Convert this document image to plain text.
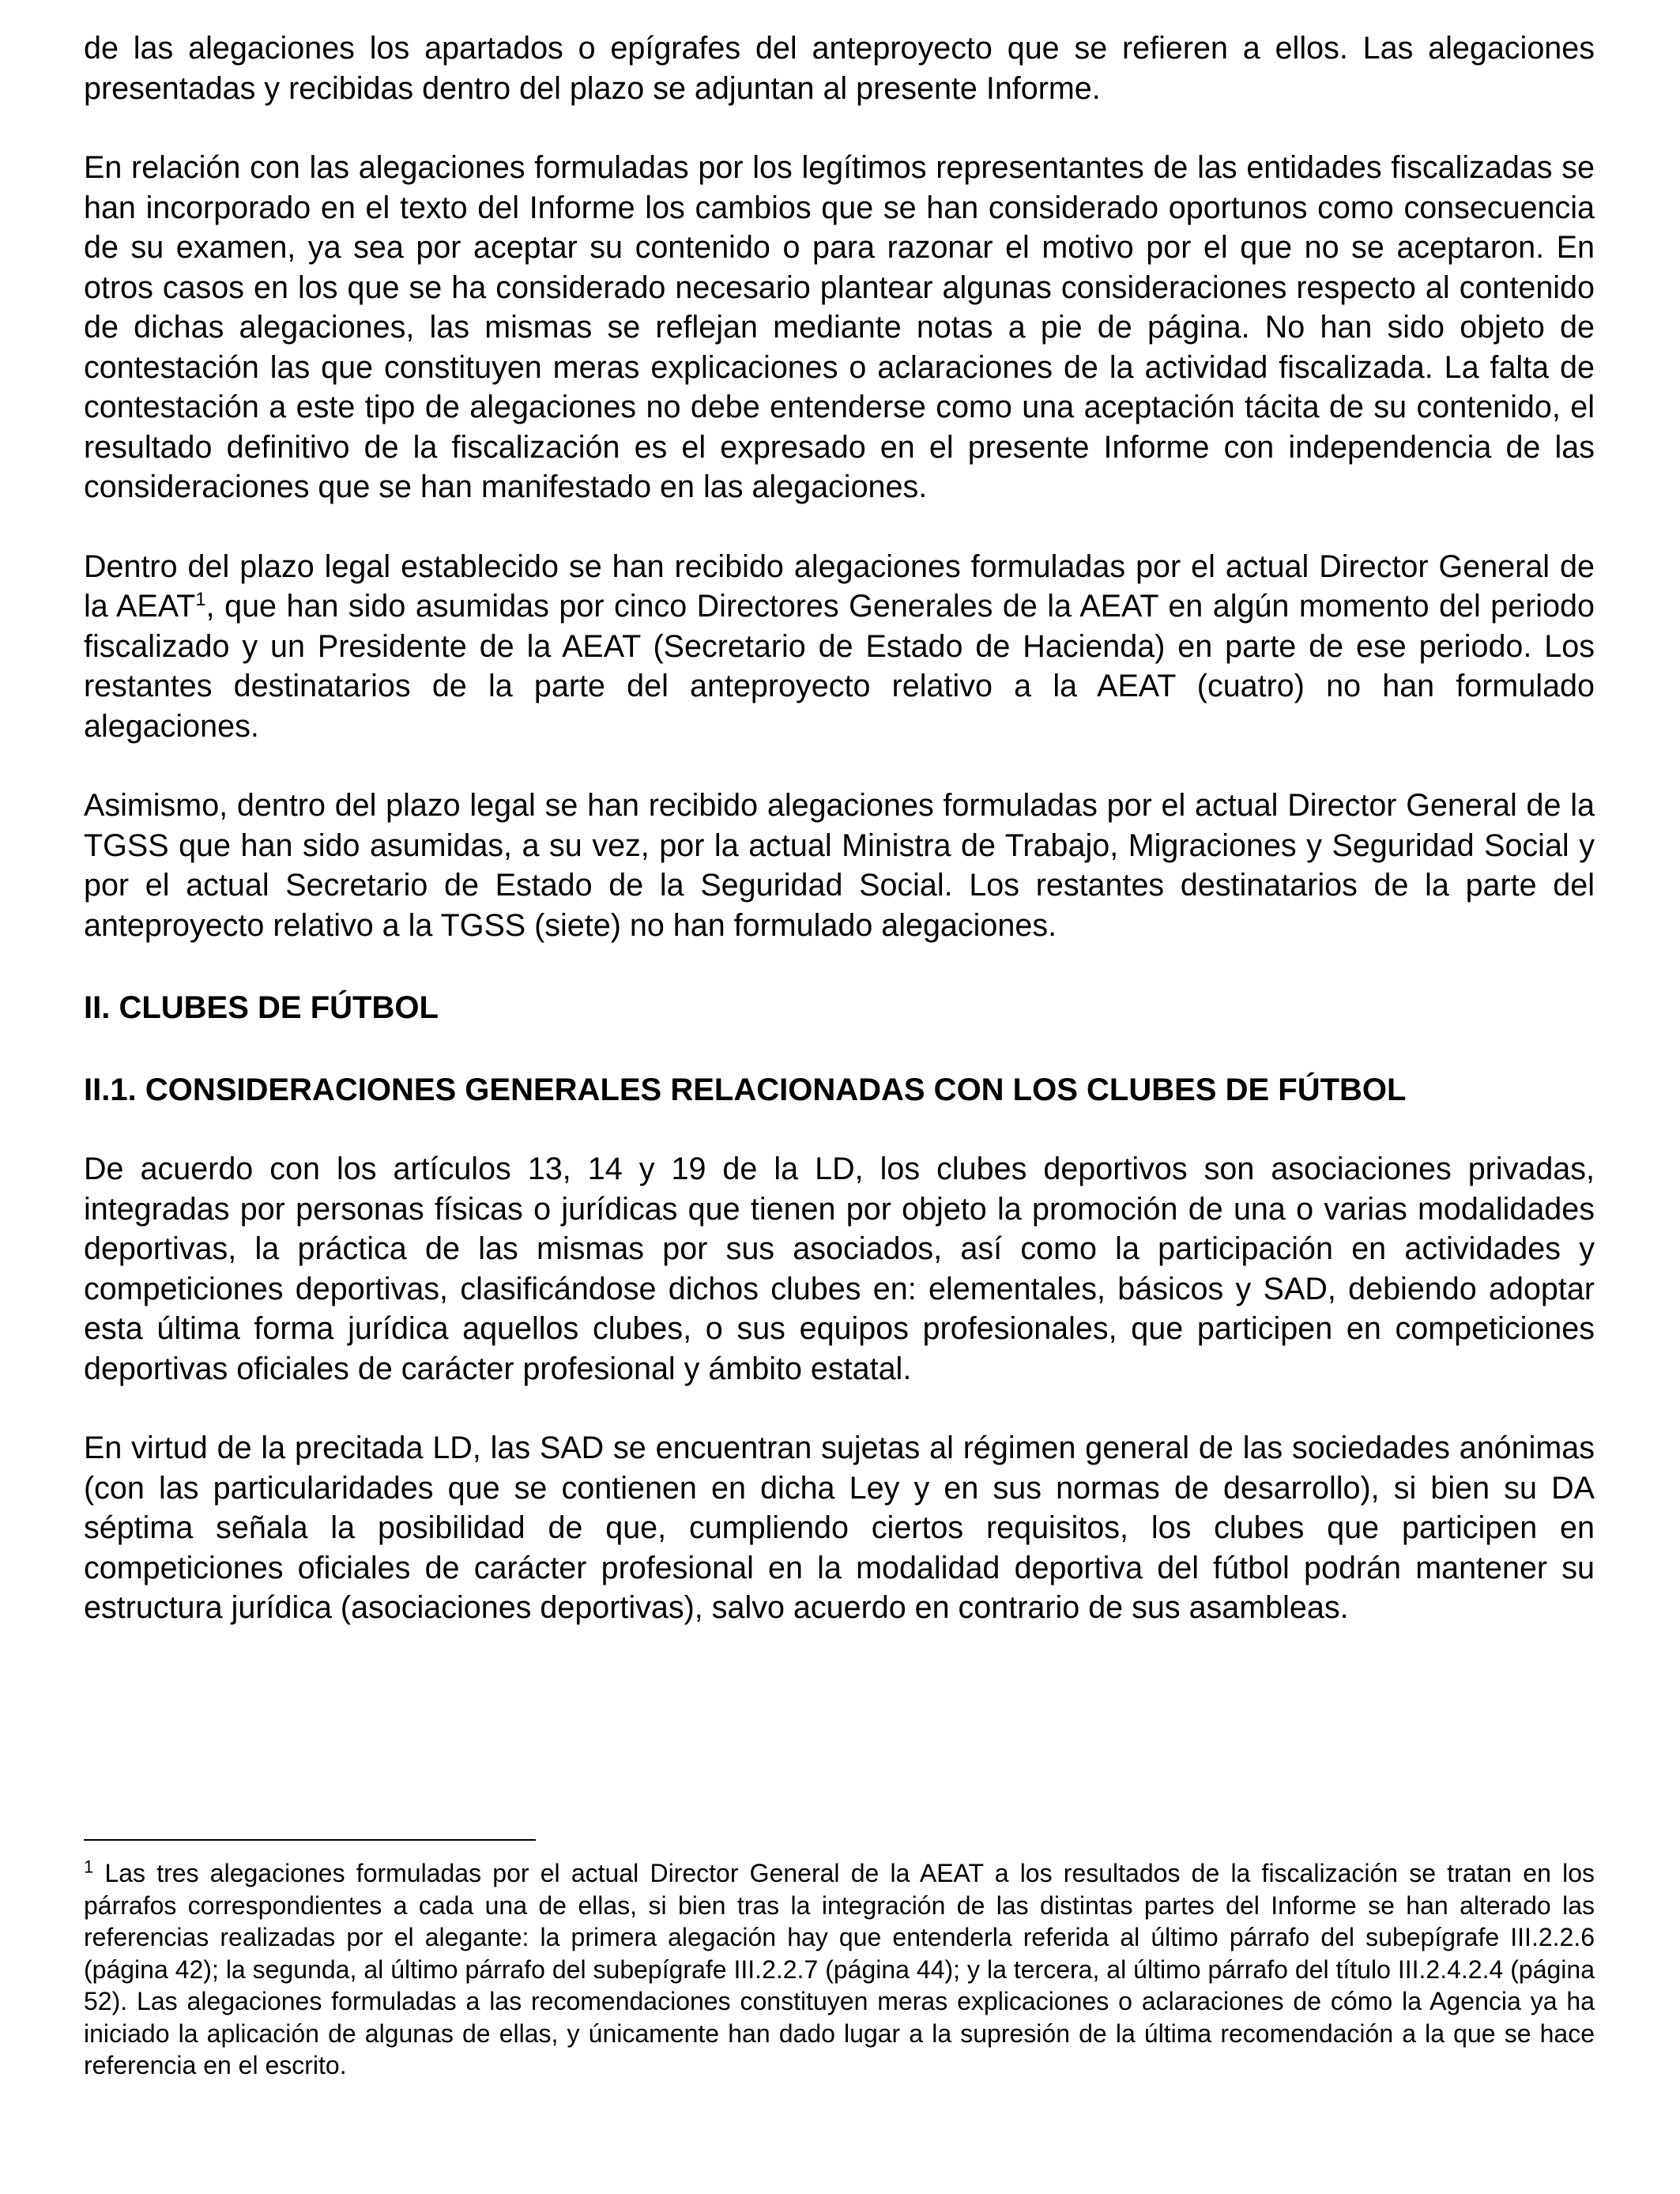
de las alegaciones los apartados o epígrafes del anteproyecto que se refieren a ellos. Las alegaciones presentadas y recibidas dentro del plazo se adjuntan al presente Informe.

En relación con las alegaciones formuladas por los legítimos representantes de las entidades fiscalizadas se han incorporado en el texto del Informe los cambios que se han considerado oportunos como consecuencia de su examen, ya sea por aceptar su contenido o para razonar el motivo por el que no se aceptaron. En otros casos en los que se ha considerado necesario plantear algunas consideraciones respecto al contenido de dichas alegaciones, las mismas se reflejan mediante notas a pie de página. No han sido objeto de contestación las que constituyen meras explicaciones o aclaraciones de la actividad fiscalizada. La falta de contestación a este tipo de alegaciones no debe entenderse como una aceptación tácita de su contenido, el resultado definitivo de la fiscalización es el expresado en el presente Informe con independencia de las consideraciones que se han manifestado en las alegaciones.

Dentro del plazo legal establecido se han recibido alegaciones formuladas por el actual Director General de la AEAT$^1$, que han sido asumidas por cinco Directores Generales de la AEAT en algún momento del periodo fiscalizado y un Presidente de la AEAT (Secretario de Estado de Hacienda) en parte de ese periodo. Los restantes destinatarios de la parte del anteproyecto relativo a la AEAT (cuatro) no han formulado alegaciones.

Asimismo, dentro del plazo legal se han recibido alegaciones formuladas por el actual Director General de la TGSS que han sido asumidas, a su vez, por la actual Ministra de Trabajo, Migraciones y Seguridad Social y por el actual Secretario de Estado de la Seguridad Social. Los restantes destinatarios de la parte del anteproyecto relativo a la TGSS (siete) no han formulado alegaciones.

II. CLUBES DE FÚTBOL
II.1. CONSIDERACIONES GENERALES RELACIONADAS CON LOS CLUBES DE FÚTBOL

De acuerdo con los artículos 13, 14 y 19 de la LD, los clubes deportivos son asociaciones privadas, integradas por personas físicas o jurídicas que tienen por objeto la promoción de una o varias modalidades deportivas, la práctica de las mismas por sus asociados, así como la participación en actividades y competiciones deportivas, clasificándose dichos clubes en: elementales, básicos y SAD, debiendo adoptar esta última forma jurídica aquellos clubes, o sus equipos profesionales, que participen en competiciones deportivas oficiales de carácter profesional y ámbito estatal.

En virtud de la precitada LD, las SAD se encuentran sujetas al régimen general de las sociedades anónimas (con las particularidades que se contienen en dicha Ley y en sus normas de desarrollo), si bien su DA séptima señala la posibilidad de que, cumpliendo ciertos requisitos, los clubes que participen en competiciones oficiales de carácter profesional en la modalidad deportiva del fútbol podrán mantener su estructura jurídica (asociaciones deportivas), salvo acuerdo en contrario de sus asambleas.

$^1$ Las tres alegaciones formuladas por el actual Director General de la AEAT a los resultados de la fiscalización se tratan en los párrafos correspondientes a cada una de ellas, si bien tras la integración de las distintas partes del Informe se han alterado las referencias realizadas por el alegante: la primera alegación hay que entenderla referida al último párrafo del subepígrafe III.2.2.6 (página 42); la segunda, al último párrafo del subepígrafe III.2.2.7 (página 44); y la tercera, al último párrafo del título III.2.4.2.4 (página 52). Las alegaciones formuladas a las recomendaciones constituyen meras explicaciones o aclaraciones de cómo la Agencia ya ha iniciado la aplicación de algunas de ellas, y únicamente han dado lugar a la supresión de la última recomendación a la que se hace referencia en el escrito.
